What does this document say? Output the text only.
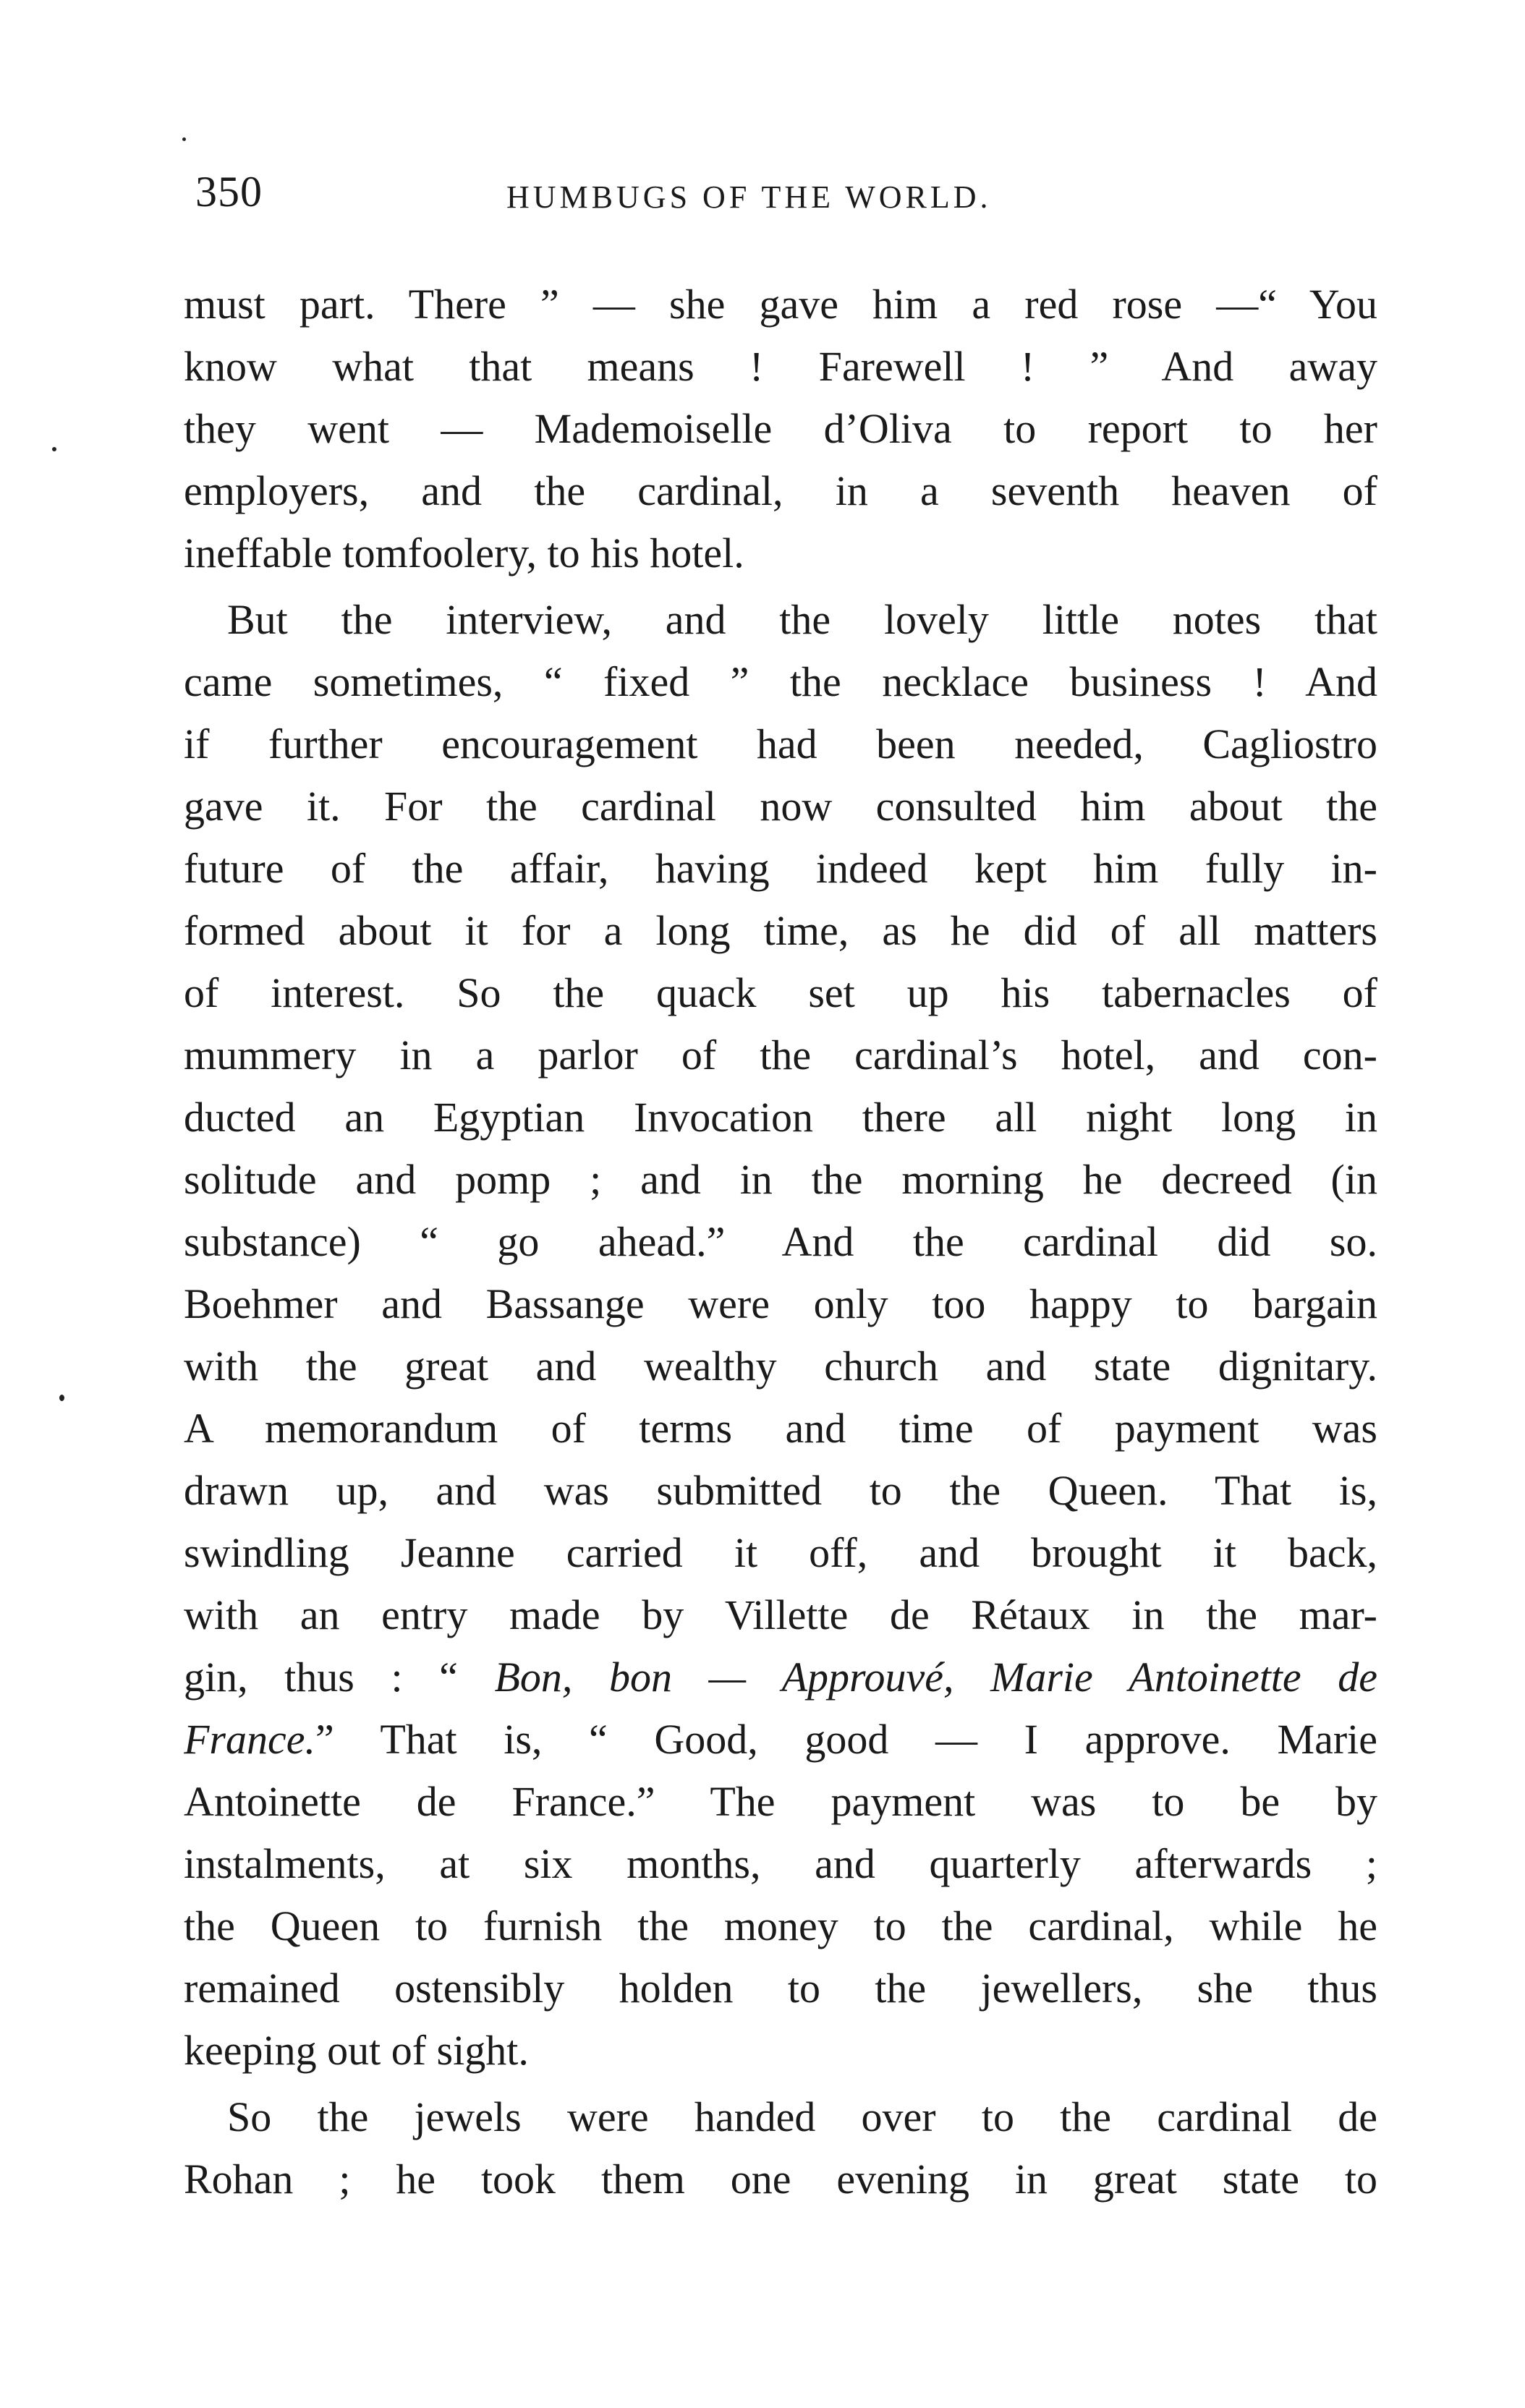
350	HUMBUGS OF THE WORLD.
must part. There ” — she gave him a red rose —“ You
know what that means ! Farewell ! ” And away
they went — Mademoiselle d’Oliva to report to her
employers, and the cardinal, in a seventh heaven of
ineffable tomfoolery, to his hotel.
But the interview, and the lovely little notes that
came sometimes, “ fixed ” the necklace business ! And
if further encouragement had been needed, Cagliostro
gave it. For the cardinal now consulted him about the
future of the affair, having indeed kept him fully in-
formed about it for a long time, as he did of all matters
of interest. So the quack set up his tabernacles of
mummery in a parlor of the cardinal’s hotel, and con-
ducted an Egyptian Invocation there all night long in
solitude and pomp ; and in the morning he decreed (in
substance) “ go ahead.” And the cardinal did so.
Boehmer and Bassange were only too happy to bargain
with the great and wealthy church and state dignitary.
A memorandum of terms and time of payment was
drawn up, and was submitted to the Queen. That is,
swindling Jeanne carried it off, and brought it back,
with an entry made by Villette de Rétaux in the mar-
gin, thus : “ Bon, bon — Approuvé, Marie Antoinette de
France.” That is, “ Good, good — I approve. Marie
Antoinette de France.” The payment was to be by
instalments, at six months, and quarterly afterwards ;
the Queen to furnish the money to the cardinal, while he
remained ostensibly holden to the jewellers, she thus
keeping out of sight.
So the jewels were handed over to the cardinal de
Rohan ; he took them one evening in great state to
